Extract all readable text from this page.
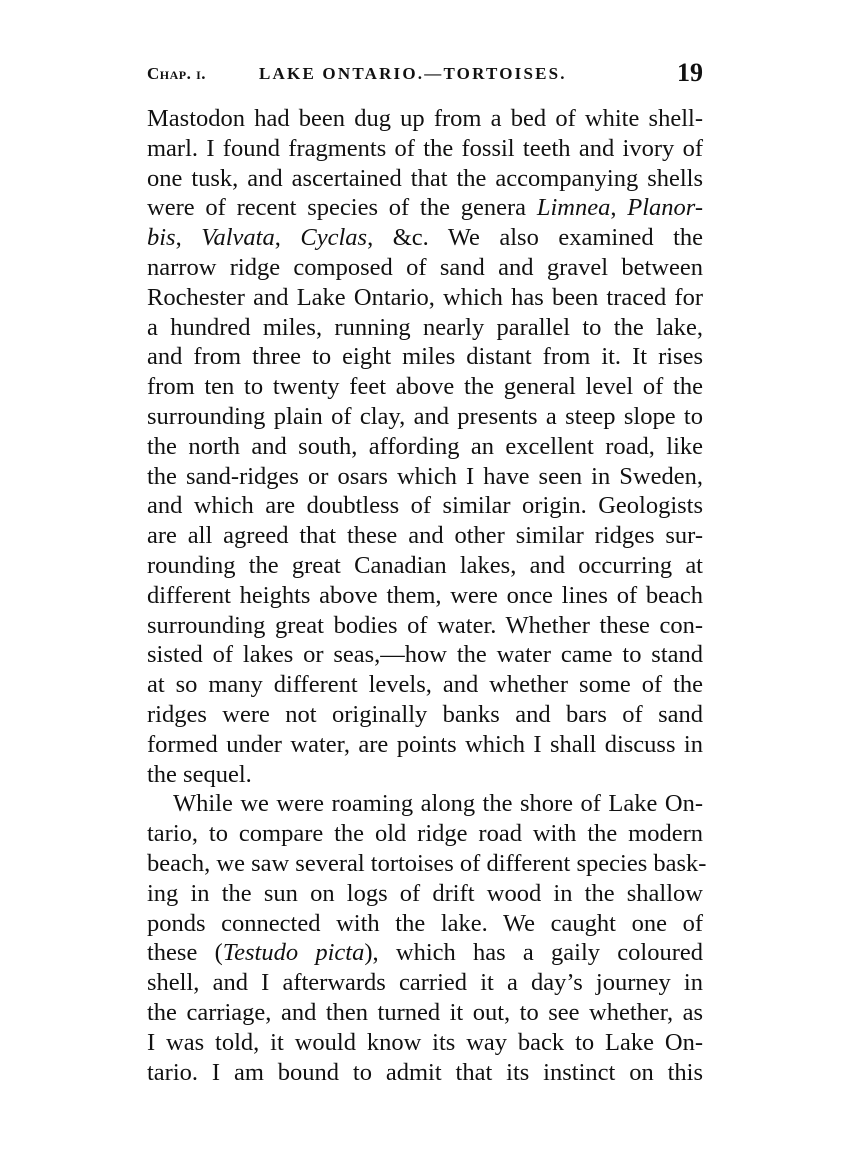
Chap. i.	LAKE ONTARIO.—TORTOISES.	19
Mastodon had been dug up from a bed of white shell-
marl. I found fragments of the fossil teeth and ivory of
one tusk, and ascertained that the accompanying shells
were of recent species of the genera Limnea, Planor-
bis, Valvata, Cyclas, &c. We also examined the
narrow ridge composed of sand and gravel between
Rochester and Lake Ontario, which has been traced for
a hundred miles, running nearly parallel to the lake,
and from three to eight miles distant from it. It rises
from ten to twenty feet above the general level of the
surrounding plain of clay, and presents a steep slope to
the north and south, affording an excellent road, like
the sand-ridges or osars which I have seen in Sweden,
and which are doubtless of similar origin. Geologists
are all agreed that these and other similar ridges sur-
rounding the great Canadian lakes, and occurring at
different heights above them, were once lines of beach
surrounding great bodies of water. Whether these con-
sisted of lakes or seas,—how the water came to stand
at so many different levels, and whether some of the
ridges were not originally banks and bars of sand
formed under water, are points which I shall discuss in
the sequel.
While we were roaming along the shore of Lake On-
tario, to compare the old ridge road with the modern
beach, we saw several tortoises of different species bask-
ing in the sun on logs of drift wood in the shallow
ponds connected with the lake. We caught one of
these (Testudo picta), which has a gaily coloured
shell, and I afterwards carried it a day’s journey in
the carriage, and then turned it out, to see whether, as
I was told, it would know its way back to Lake On-
tario. I am bound to admit that its instinct on this
